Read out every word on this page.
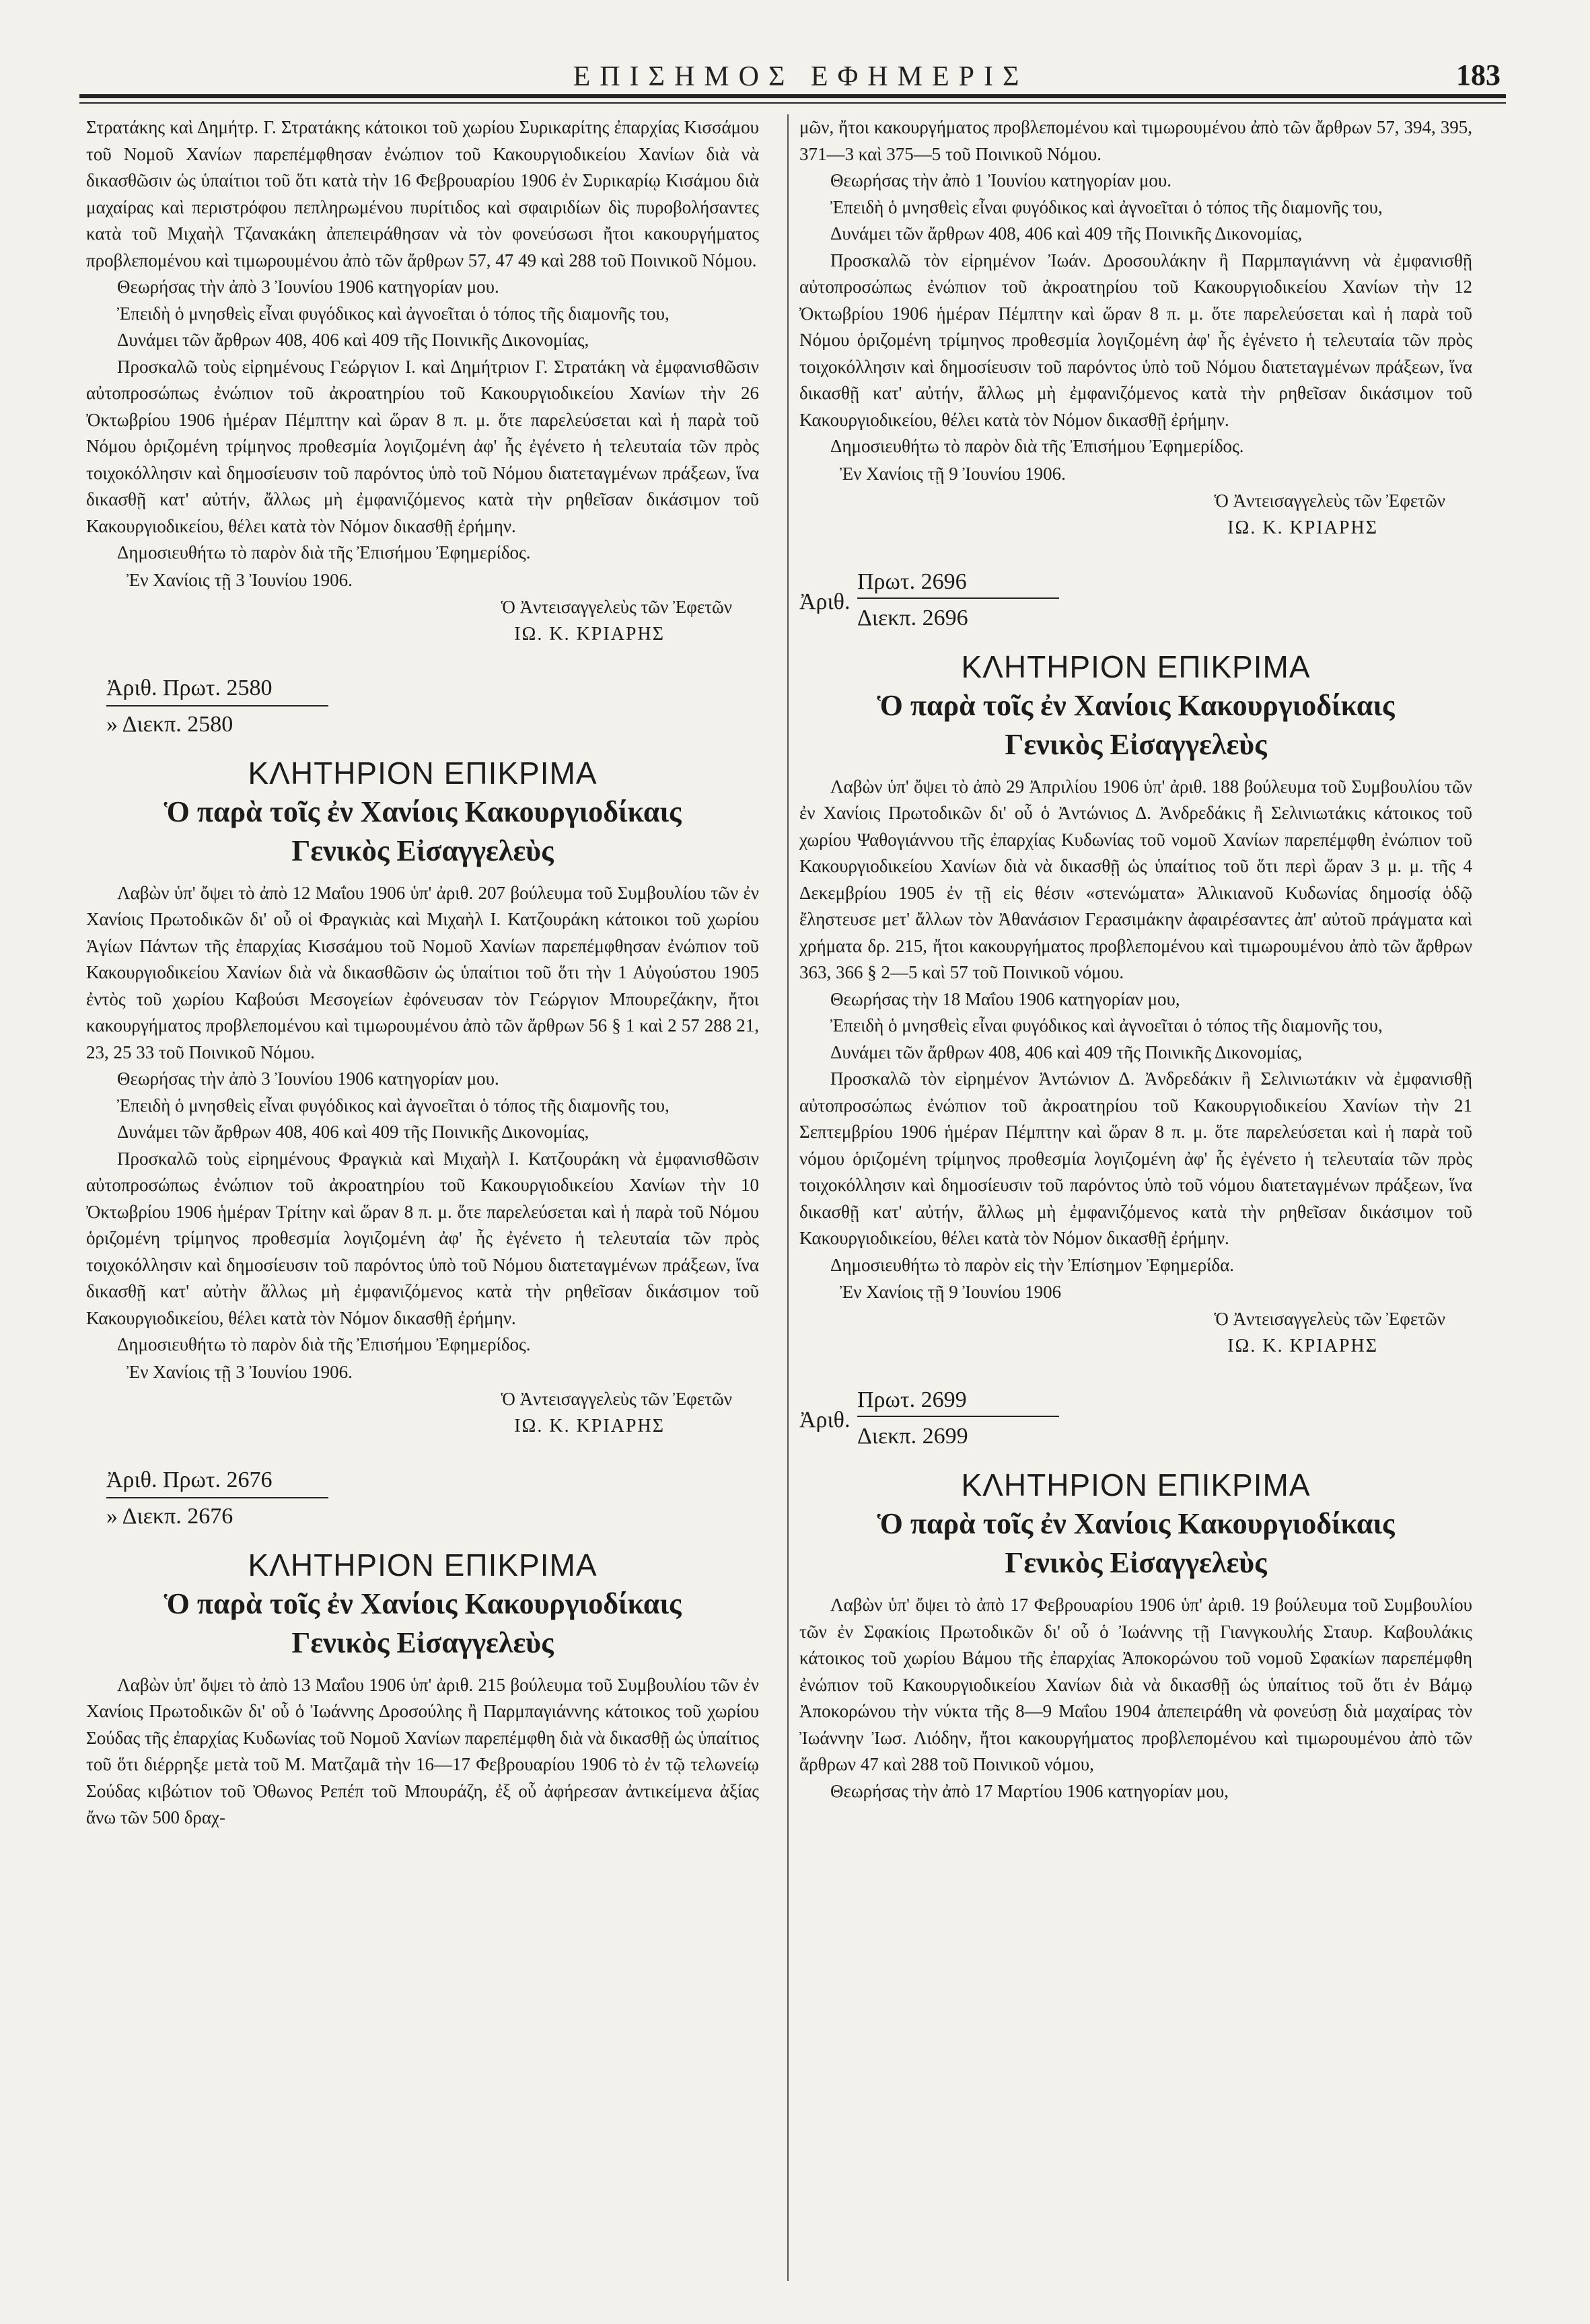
ΕΠΙΣΗΜΟΣ ΕΦΗΜΕΡΙΣ	183

Στρατάκης καὶ Δημήτρ. Γ. Στρατάκης κάτοικοι τοῦ χωρίου Συρικαρίτης ἐπαρχίας Κισσάμου τοῦ Νομοῦ Χανίων παρεπέμφθησαν ἐνώπιον τοῦ Κακουργιοδικείου Χανίων διὰ νὰ δικασθῶσιν ὡς ὑπαίτιοι τοῦ ὅτι κατὰ τὴν 16 Φεβρουαρίου 1906 ἐν Συρικαρίῳ Κισάμου διὰ μαχαίρας καὶ περιστρόφου πεπληρωμένου πυρίτιδος καὶ σφαιριδίων δὶς πυροβολήσαντες κατὰ τοῦ Μιχαὴλ Τζανακάκη ἀπεπειράθησαν νὰ τὸν φονεύσωσι ἤτοι κακουργήματος προβλεπομένου καὶ τιμωρουμένου ἀπὸ τῶν ἄρθρων 57, 47 49 καὶ 288 τοῦ Ποινικοῦ Νόμου.

Θεωρήσας τὴν ἀπὸ 3 Ἰουνίου 1906 κατηγορίαν μου.

Ἐπειδὴ ὁ μνησθεὶς εἶναι φυγόδικος καὶ ἀγνοεῖται ὁ τόπος τῆς διαμονῆς του,

Δυνάμει τῶν ἄρθρων 408, 406 καὶ 409 τῆς Ποινικῆς Δικονομίας,

Προσκαλῶ τοὺς εἰρημένους Γεώργιον Ι. καὶ Δημήτριον Γ. Στρατάκη νὰ ἐμφανισθῶσιν αὐτοπροσώπως ἐνώπιον τοῦ ἀκροατηρίου τοῦ Κακουργιοδικείου Χανίων τὴν 26 Ὀκτωβρίου 1906 ἡμέραν Πέμπτην καὶ ὥραν 8 π. μ. ὅτε παρελεύσεται καὶ ἡ παρὰ τοῦ Νόμου ὁριζομένη τρίμηνος προθεσμία λογιζομένη ἀφ' ἧς ἐγένετο ἡ τελευταία τῶν πρὸς τοιχοκόλλησιν καὶ δημοσίευσιν τοῦ παρόντος ὑπὸ τοῦ Νόμου διατεταγμένων πράξεων, ἵνα δικασθῇ κατ' αὐτήν, ἄλλως μὴ ἐμφανιζόμενος κατὰ τὴν ρηθεῖσαν δικάσιμον τοῦ Κακουργιοδικείου, θέλει κατὰ τὸν Νόμον δικασθῇ ἐρήμην.

Δημοσιευθήτω τὸ παρὸν διὰ τῆς Ἐπισήμου Ἐφημερίδος.

Ἐν Χανίοις τῇ 3 Ἰουνίου 1906.
Ὁ Ἀντεισαγγελεὺς τῶν Ἐφετῶν
ΙΩ. Κ. ΚΡΙΑΡΗΣ
Ἀριθ. Πρωτ. 2580
» Διεκπ. 2580
ΚΛΗΤΗΡΙΟΝ ΕΠΙΚΡΙΜΑ
Ὁ παρὰ τοῖς ἐν Χανίοις Κακουργιοδίκαις
Γενικὸς Εἰσαγγελεὺς

Λαβὼν ὑπ' ὄψει τὸ ἀπὸ 12 Μαΐου 1906 ὑπ' ἀριθ. 207 βούλευμα τοῦ Συμβουλίου τῶν ἐν Χανίοις Πρωτοδικῶν δι' οὗ οἱ Φραγκιὰς καὶ Μιχαὴλ Ι. Κατζουράκη κάτοικοι τοῦ χωρίου Ἁγίων Πάντων τῆς ἐπαρχίας Κισσάμου τοῦ Νομοῦ Χανίων παρεπέμφθησαν ἐνώπιον τοῦ Κακουργιοδικείου Χανίων διὰ νὰ δικασθῶσιν ὡς ὑπαίτιοι τοῦ ὅτι τὴν 1 Αὐγούστου 1905 ἐντὸς τοῦ χωρίου Καβούσι Μεσογείων ἐφόνευσαν τὸν Γεώργιον Μπουρεζάκην, ἤτοι κακουργήματος προβλεπομένου καὶ τιμωρουμένου ἀπὸ τῶν ἄρθρων 56 § 1 καὶ 2 57 288 21, 23, 25 33 τοῦ Ποινικοῦ Νόμου.

Θεωρήσας τὴν ἀπὸ 3 Ἰουνίου 1906 κατηγορίαν μου.

Ἐπειδὴ ὁ μνησθεὶς εἶναι φυγόδικος καὶ ἀγνοεῖται ὁ τόπος τῆς διαμονῆς του,

Δυνάμει τῶν ἄρθρων 408, 406 καὶ 409 τῆς Ποινικῆς Δικονομίας,

Προσκαλῶ τοὺς εἰρημένους Φραγκιὰ καὶ Μιχαὴλ Ι. Κατζουράκη νὰ ἐμφανισθῶσιν αὐτοπροσώπως ἐνώπιον τοῦ ἀκροατηρίου τοῦ Κακουργιοδικείου Χανίων τὴν 10 Ὀκτωβρίου 1906 ἡμέραν Τρίτην καὶ ὥραν 8 π. μ. ὅτε παρελεύσεται καὶ ἡ παρὰ τοῦ Νόμου ὁριζομένη τρίμηνος προθεσμία λογιζομένη ἀφ' ἧς ἐγένετο ἡ τελευταία τῶν πρὸς τοιχοκόλλησιν καὶ δημοσίευσιν τοῦ παρόντος ὑπὸ τοῦ Νόμου διατεταγμένων πράξεων, ἵνα δικασθῇ κατ' αὐτὴν ἄλλως μὴ ἐμφανιζόμενος κατὰ τὴν ρηθεῖσαν δικάσιμον τοῦ Κακουργιοδικείου, θέλει κατὰ τὸν Νόμον δικασθῇ ἐρήμην.

Δημοσιευθήτω τὸ παρὸν διὰ τῆς Ἐπισήμου Ἐφημερίδος.

Ἐν Χανίοις τῇ 3 Ἰουνίου 1906.
Ὁ Ἀντεισαγγελεὺς τῶν Ἐφετῶν
ΙΩ. Κ. ΚΡΙΑΡΗΣ
Ἀριθ. Πρωτ. 2676
» Διεκπ. 2676
ΚΛΗΤΗΡΙΟΝ ΕΠΙΚΡΙΜΑ
Ὁ παρὰ τοῖς ἐν Χανίοις Κακουργιοδίκαις
Γενικὸς Εἰσαγγελεὺς

Λαβὼν ὑπ' ὄψει τὸ ἀπὸ 13 Μαΐου 1906 ὑπ' ἀριθ. 215 βούλευμα τοῦ Συμβουλίου τῶν ἐν Χανίοις Πρωτοδικῶν δι' οὗ ὁ Ἰωάννης Δροσούλης ἢ Παρμπαγιάννης κάτοικος τοῦ χωρίου Σούδας τῆς ἐπαρχίας Κυδωνίας τοῦ Νομοῦ Χανίων παρεπέμφθη διὰ νὰ δικασθῇ ὡς ὑπαίτιος τοῦ ὅτι διέρρηξε μετὰ τοῦ Μ. Ματζαμᾶ τὴν 16—17 Φεβρουαρίου 1906 τὸ ἐν τῷ τελωνείῳ Σούδας κιβώτιον τοῦ Ὀθωνος Ρεπέπ τοῦ Μπουράζη, ἐξ οὗ ἀφήρεσαν ἀντικείμενα ἀξίας ἄνω τῶν 500 δραχ-

μῶν, ἤτοι κακουργήματος προβλεπομένου καὶ τιμωρουμένου ἀπὸ τῶν ἄρθρων 57, 394, 395, 371—3 καὶ 375—5 τοῦ Ποινικοῦ Νόμου.

Θεωρήσας τὴν ἀπὸ 1 Ἰουνίου κατηγορίαν μου.

Ἐπειδὴ ὁ μνησθεὶς εἶναι φυγόδικος καὶ ἀγνοεῖται ὁ τόπος τῆς διαμονῆς του,

Δυνάμει τῶν ἄρθρων 408, 406 καὶ 409 τῆς Ποινικῆς Δικονομίας,

Προσκαλῶ τὸν εἰρημένον Ἰωάν. Δροσουλάκην ἢ Παρμπαγιάννη νὰ ἐμφανισθῇ αὐτοπροσώπως ἐνώπιον τοῦ ἀκροατηρίου τοῦ Κακουργιοδικείου Χανίων τὴν 12 Ὀκτωβρίου 1906 ἡμέραν Πέμπτην καὶ ὥραν 8 π. μ. ὅτε παρελεύσεται καὶ ἡ παρὰ τοῦ Νόμου ὁριζομένη τρίμηνος προθεσμία λογιζομένη ἀφ' ἧς ἐγένετο ἡ τελευταία τῶν πρὸς τοιχοκόλλησιν καὶ δημοσίευσιν τοῦ παρόντος ὑπὸ τοῦ Νόμου διατεταγμένων πράξεων, ἵνα δικασθῇ κατ' αὐτήν, ἄλλως μὴ ἐμφανιζόμενος κατὰ τὴν ρηθεῖσαν δικάσιμον τοῦ Κακουργιοδικείου, θέλει κατὰ τὸν Νόμον δικασθῇ ἐρήμην.

Δημοσιευθήτω τὸ παρὸν διὰ τῆς Ἐπισήμου Ἐφημερίδος.

Ἐν Χανίοις τῇ 9 Ἰουνίου 1906.
Ὁ Ἀντεισαγγελεὺς τῶν Ἐφετῶν
ΙΩ. Κ. ΚΡΙΑΡΗΣ
Ἀριθ.
Πρωτ. 2696
Διεκπ. 2696
ΚΛΗΤΗΡΙΟΝ ΕΠΙΚΡΙΜΑ
Ὁ παρὰ τοῖς ἐν Χανίοις Κακουργιοδίκαις
Γενικὸς Εἰσαγγελεὺς

Λαβὼν ὑπ' ὄψει τὸ ἀπὸ 29 Ἀπριλίου 1906 ὑπ' ἀριθ. 188 βούλευμα τοῦ Συμβουλίου τῶν ἐν Χανίοις Πρωτοδικῶν δι' οὗ ὁ Ἀντώνιος Δ. Ἀνδρεδάκις ἢ Σελινιωτάκις κάτοικος τοῦ χωρίου Ψαθογιάννου τῆς ἐπαρχίας Κυδωνίας τοῦ νομοῦ Χανίων παρεπέμφθη ἐνώπιον τοῦ Κακουργιοδικείου Χανίων διὰ νὰ δικασθῇ ὡς ὑπαίτιος τοῦ ὅτι περὶ ὥραν 3 μ. μ. τῆς 4 Δεκεμβρίου 1905 ἐν τῇ εἰς θέσιν «στενώματα» Ἀλικιανοῦ Κυδωνίας δημοσίᾳ ὁδῷ ἔληστευσε μετ' ἄλλων τὸν Ἀθανάσιον Γερασιμάκην ἀφαιρέσαντες ἀπ' αὐτοῦ πράγματα καὶ χρήματα δρ. 215, ἤτοι κακουργήματος προβλεπομένου καὶ τιμωρουμένου ἀπὸ τῶν ἄρθρων 363, 366 § 2—5 καὶ 57 τοῦ Ποινικοῦ νόμου.

Θεωρήσας τὴν 18 Μαΐου 1906 κατηγορίαν μου,

Ἐπειδὴ ὁ μνησθεὶς εἶναι φυγόδικος καὶ ἀγνοεῖται ὁ τόπος τῆς διαμονῆς του,

Δυνάμει τῶν ἄρθρων 408, 406 καὶ 409 τῆς Ποινικῆς Δικονομίας,

Προσκαλῶ τὸν εἰρημένον Ἀντώνιον Δ. Ἀνδρεδάκιν ἢ Σελινιωτάκιν νὰ ἐμφανισθῇ αὐτοπροσώπως ἐνώπιον τοῦ ἀκροατηρίου τοῦ Κακουργιοδικείου Χανίων τὴν 21 Σεπτεμβρίου 1906 ἡμέραν Πέμπτην καὶ ὥραν 8 π. μ. ὅτε παρελεύσεται καὶ ἡ παρὰ τοῦ νόμου ὁριζομένη τρίμηνος προθεσμία λογιζομένη ἀφ' ἧς ἐγένετο ἡ τελευταία τῶν πρὸς τοιχοκόλλησιν καὶ δημοσίευσιν τοῦ παρόντος ὑπὸ τοῦ νόμου διατεταγμένων πράξεων, ἵνα δικασθῇ κατ' αὐτήν, ἄλλως μὴ ἐμφανιζόμενος κατὰ τὴν ρηθεῖσαν δικάσιμον τοῦ Κακουργιοδικείου, θέλει κατὰ τὸν Νόμον δικασθῇ ἐρήμην.

Δημοσιευθήτω τὸ παρὸν εἰς τὴν Ἐπίσημον Ἐφημερίδα.

Ἐν Χανίοις τῇ 9 Ἰουνίου 1906
Ὁ Ἀντεισαγγελεὺς τῶν Ἐφετῶν
ΙΩ. Κ. ΚΡΙΑΡΗΣ
Ἀριθ.
Πρωτ. 2699
Διεκπ. 2699
ΚΛΗΤΗΡΙΟΝ ΕΠΙΚΡΙΜΑ
Ὁ παρὰ τοῖς ἐν Χανίοις Κακουργιοδίκαις
Γενικὸς Εἰσαγγελεὺς

Λαβὼν ὑπ' ὄψει τὸ ἀπὸ 17 Φεβρουαρίου 1906 ὑπ' ἀριθ. 19 βούλευμα τοῦ Συμβουλίου τῶν ἐν Σφακίοις Πρωτοδικῶν δι' οὗ ὁ Ἰωάννης τῇ Γιανγκουλής Σταυρ. Καβουλάκις κάτοικος τοῦ χωρίου Βάμου τῆς ἐπαρχίας Ἀποκορώνου τοῦ νομοῦ Σφακίων παρεπέμφθη ἐνώπιον τοῦ Κακουργιοδικείου Χανίων διὰ νὰ δικασθῇ ὡς ὑπαίτιος τοῦ ὅτι ἐν Βάμῳ Ἀποκορώνου τὴν νύκτα τῆς 8—9 Μαΐου 1904 ἀπεπειράθη νὰ φονεύσῃ διὰ μαχαίρας τὸν Ἰωάννην Ἰωσ. Λιόδην, ἤτοι κακουργήματος προβλεπομένου καὶ τιμωρουμένου ἀπὸ τῶν ἄρθρων 47 καὶ 288 τοῦ Ποινικοῦ νόμου,

Θεωρήσας τὴν ἀπὸ 17 Μαρτίου 1906 κατηγορίαν μου,
